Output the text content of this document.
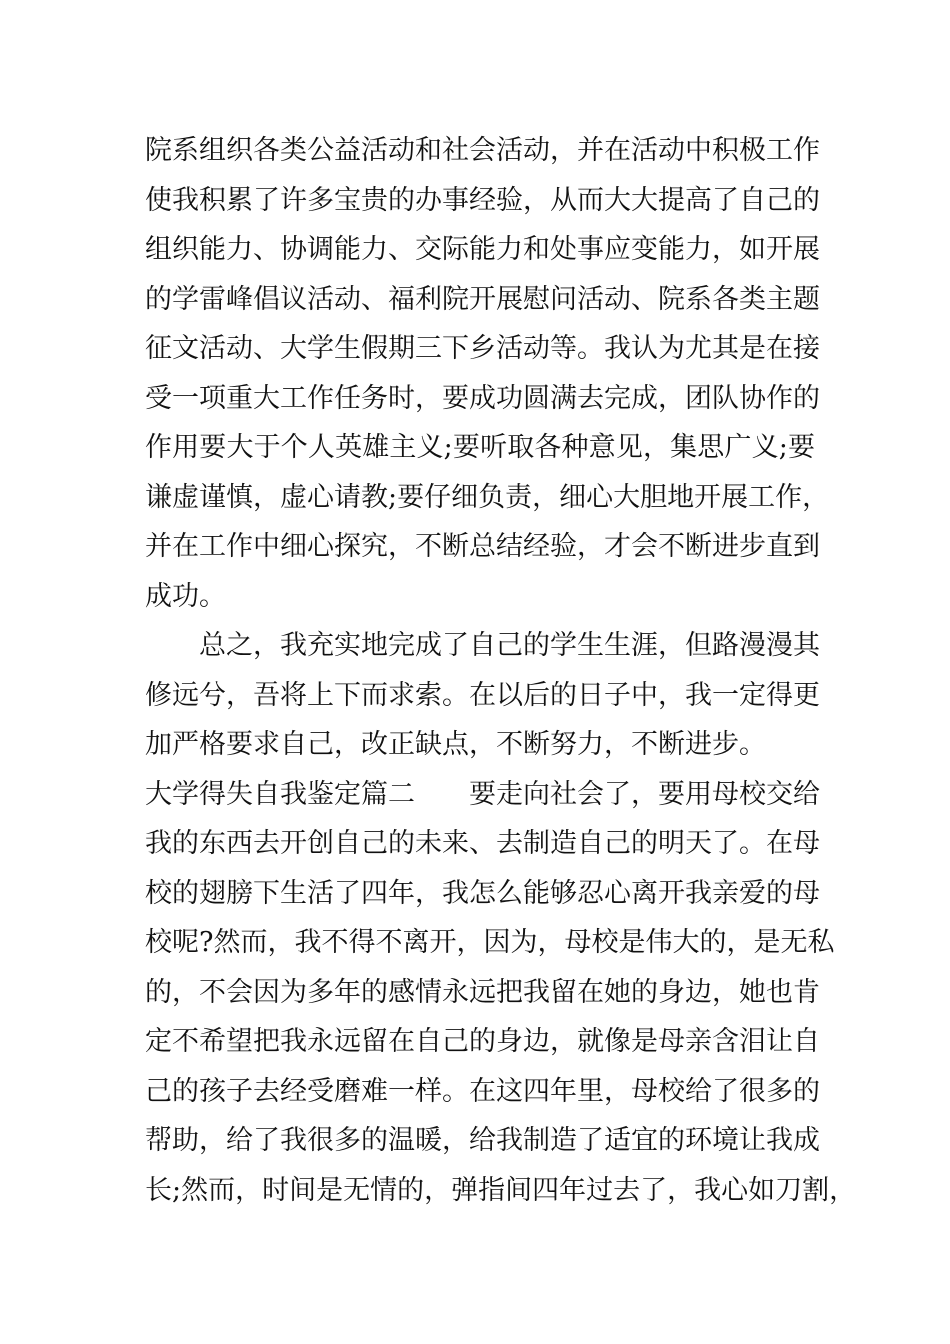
院系组织各类公益活动和社会活动，并在活动中积极工作
使我积累了许多宝贵的办事经验，从而大大提高了自己的
组织能力、协调能力、交际能力和处事应变能力，如开展
的学雷峰倡议活动、福利院开展慰问活动、院系各类主题
征文活动、大学生假期三下乡活动等。我认为尤其是在接
受一项重大工作任务时，要成功圆满去完成，团队协作的
作用要大于个人英雄主义;要听取各种意见，集思广义;要
谦虚谨慎，虚心请教;要仔细负责，细心大胆地开展工作，
并在工作中细心探究，不断总结经验，才会不断进步直到
成功。
总之，我充实地完成了自己的学生生涯，但路漫漫其
修远兮，吾将上下而求索。在以后的日子中，我一定得更
加严格要求自己，改正缺点，不断努力，不断进步。
大学得失自我鉴定篇二　　要走向社会了，要用母校交给
我的东西去开创自己的未来、去制造自己的明天了。在母
校的翅膀下生活了四年，我怎么能够忍心离开我亲爱的母
校呢?然而，我不得不离开，因为，母校是伟大的，是无私
的，不会因为多年的感情永远把我留在她的身边，她也肯
定不希望把我永远留在自己的身边，就像是母亲含泪让自
己的孩子去经受磨难一样。在这四年里，母校给了很多的
帮助，给了我很多的温暖，给我制造了适宜的环境让我成
长;然而，时间是无情的，弹指间四年过去了，我心如刀割，
